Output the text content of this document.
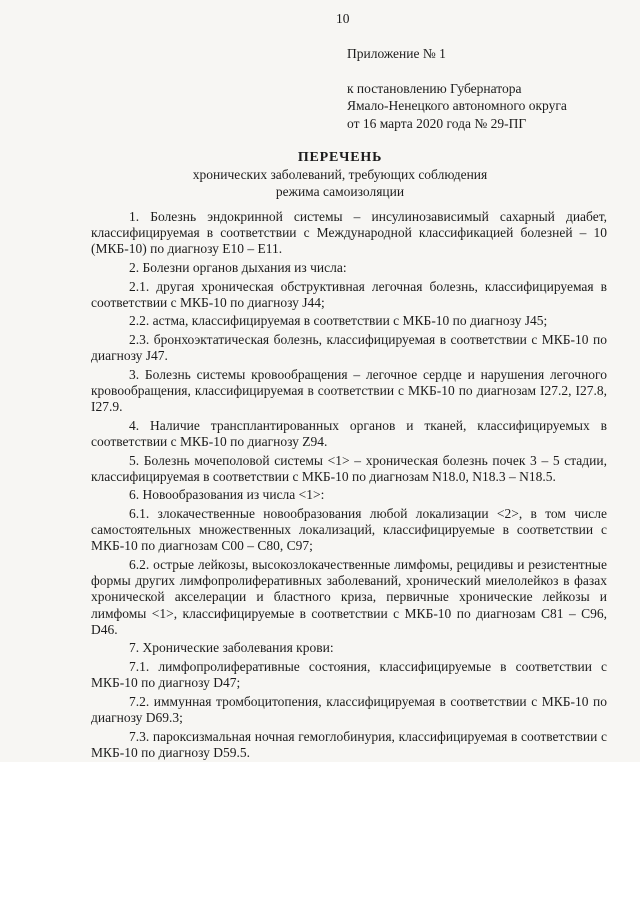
10
Приложение № 1
к постановлению Губернатора
Ямало-Ненецкого автономного округа
от 16 марта 2020 года № 29-ПГ
ПЕРЕЧЕНЬ
хронических заболеваний, требующих соблюдения
режима самоизоляции

1. Болезнь эндокринной системы – инсулинозависимый сахарный диабет, классифицируемая в соответствии с Международной классификацией болезней – 10 (МКБ-10) по диагнозу E10 – E11.

2. Болезни органов дыхания из числа:

2.1. другая хроническая обструктивная легочная болезнь, классифицируемая в соответствии с МКБ-10 по диагнозу J44;

2.2. астма, классифицируемая в соответствии с МКБ-10 по диагнозу J45;

2.3. бронхоэктатическая болезнь, классифицируемая в соответствии с МКБ-10 по диагнозу J47.

3. Болезнь системы кровообращения – легочное сердце и нарушения легочного кровообращения, классифицируемая в соответствии с МКБ-10 по диагнозам I27.2, I27.8, I27.9.

4. Наличие трансплантированных органов и тканей, классифицируемых в соответствии с МКБ-10 по диагнозу Z94.

5. Болезнь мочеполовой системы <1> – хроническая болезнь почек 3 – 5 стадии, классифицируемая в соответствии с МКБ-10 по диагнозам N18.0, N18.3 – N18.5.

6. Новообразования из числа <1>:

6.1. злокачественные новообразования любой локализации <2>, в том числе самостоятельных множественных локализаций, классифицируемые в соответствии с МКБ-10 по диагнозам C00 – C80, C97;

6.2. острые лейкозы, высокозлокачественные лимфомы, рецидивы и резистентные формы других лимфопролиферативных заболеваний, хронический миелолейкоз в фазах хронической акселерации и бластного криза, первичные хронические лейкозы и лимфомы <1>, классифицируемые в соответствии с МКБ-10 по диагнозам C81 – C96, D46.

7. Хронические заболевания крови:

7.1. лимфопролиферативные состояния, классифицируемые в соответствии с МКБ-10 по диагнозу D47;

7.2. иммунная тромбоцитопения, классифицируемая в соответствии с МКБ-10 по диагнозу D69.3;

7.3. пароксизмальная ночная гемоглобинурия, классифицируемая в соответствии с МКБ-10 по диагнозу D59.5.
